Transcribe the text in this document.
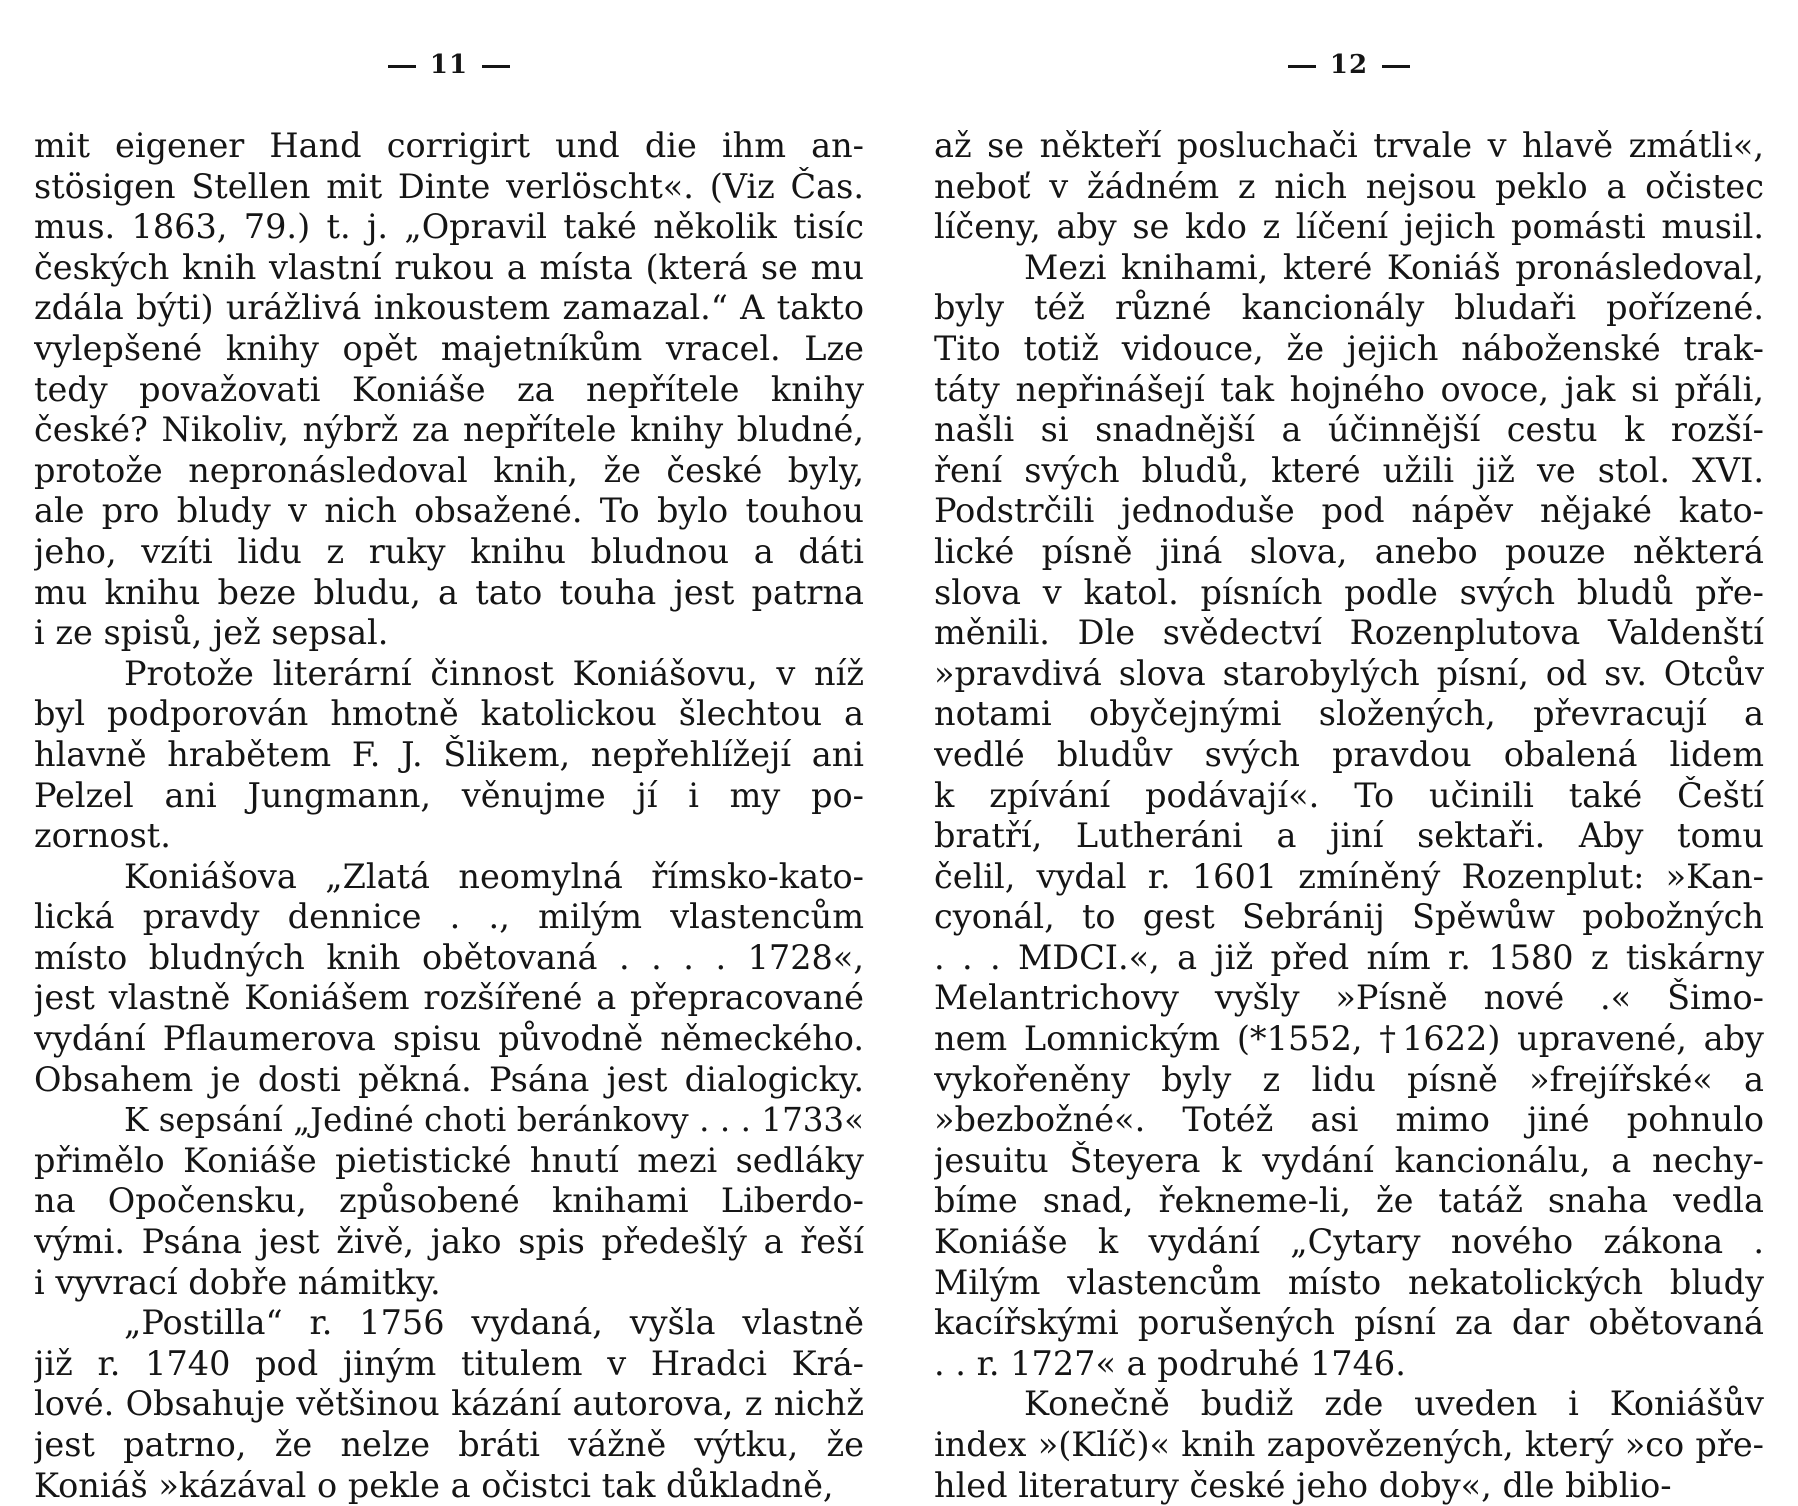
11
mit eigener Hand corrigirt und die ihm an-
stösigen Stellen mit Dinte verlöscht«. (Viz Čas.
mus. 1863, 79.) t. j. „Opravil také několik tisíc
českých knih vlastní rukou a místa (která se mu
zdála býti) urážlivá inkoustem zamazal.“ A takto
vylepšené knihy opět majetníkům vracel. Lze
tedy považovati Koniáše za nepřítele knihy
české? Nikoliv, nýbrž za nepřítele knihy bludné,
protože nepronásledoval knih, že české byly,
ale pro bludy v nich obsažené. To bylo touhou
jeho, vzíti lidu z ruky knihu bludnou a dáti
mu knihu beze bludu, a tato touha jest patrna
i ze spisů, jež sepsal.
Protože literární činnost Koniášovu, v níž
byl podporován hmotně katolickou šlechtou a
hlavně hrabětem F. J. Šlikem, nepřehlížejí ani
Pelzel ani Jungmann, věnujme jí i my po-
zornost.
Koniášova „Zlatá neomylná římsko-kato-
lická pravdy dennice . ., milým vlastencům
místo bludných knih obětovaná . . . . 1728«,
jest vlastně Koniášem rozšířené a přepracované
vydání Pflaumerova spisu původně německého.
Obsahem je dosti pěkná. Psána jest dialogicky.
K sepsání „Jediné choti beránkovy . . . 1733«
přimělo Koniáše pietistické hnutí mezi sedláky
na Opočensku, způsobené knihami Liberdo-
vými. Psána jest živě, jako spis předešlý a řeší
i vyvrací dobře námitky.
„Postilla“ r. 1756 vydaná, vyšla vlastně
již r. 1740 pod jiným titulem v Hradci Krá-
lové. Obsahuje většinou kázání autorova, z nichž
jest patrno, že nelze bráti vážně výtku, že
Koniáš »kázával o pekle a očistci tak důkladně,
12
až se někteří posluchači trvale v hlavě zmátli«,
neboť v žádném z nich nejsou peklo a očistec
líčeny, aby se kdo z líčení jejich pomásti musil.
Mezi knihami, které Koniáš pronásledoval,
byly též různé kancionály bludaři pořízené.
Tito totiž vidouce, že jejich náboženské trak-
táty nepřinášejí tak hojného ovoce, jak si přáli,
našli si snadnější a účinnější cestu k rozší-
ření svých bludů, které užili již ve stol. XVI.
Podstrčili jednoduše pod nápěv nějaké kato-
lické písně jiná slova, anebo pouze některá
slova v katol. písních podle svých bludů pře-
měnili. Dle svědectví Rozenplutova Valdenští
»pravdivá slova starobylých písní, od sv. Otcův
notami obyčejnými složených, převracují a
vedlé bludův svých pravdou obalená lidem
k zpívání podávají«. To učinili také Čeští
bratří, Lutheráni a jiní sektaři. Aby tomu
čelil, vydal r. 1601 zmíněný Rozenplut: »Kan-
cyonál, to gest Sebránij Spěwůw pobožných
. . . MDCI.«, a již před ním r. 1580 z tiskárny
Melantrichovy vyšly »Písně nové .« Šimo-
nem Lomnickým (*1552, †1622) upravené, aby
vykořeněny byly z lidu písně »frejířské« a
»bezbožné«. Totéž asi mimo jiné pohnulo
jesuitu Šteyera k vydání kancionálu, a nechy-
bíme snad, řekneme-li, že tatáž snaha vedla
Koniáše k vydání „Cytary nového zákona .
Milým vlastencům místo nekatolických bludy
kacířskými porušených písní za dar obětovaná
. . r. 1727« a podruhé 1746.
Konečně budiž zde uveden i Koniášův
index »(Klíč)« knih zapovězených, který »co pře-
hled literatury české jeho doby«, dle biblio-
